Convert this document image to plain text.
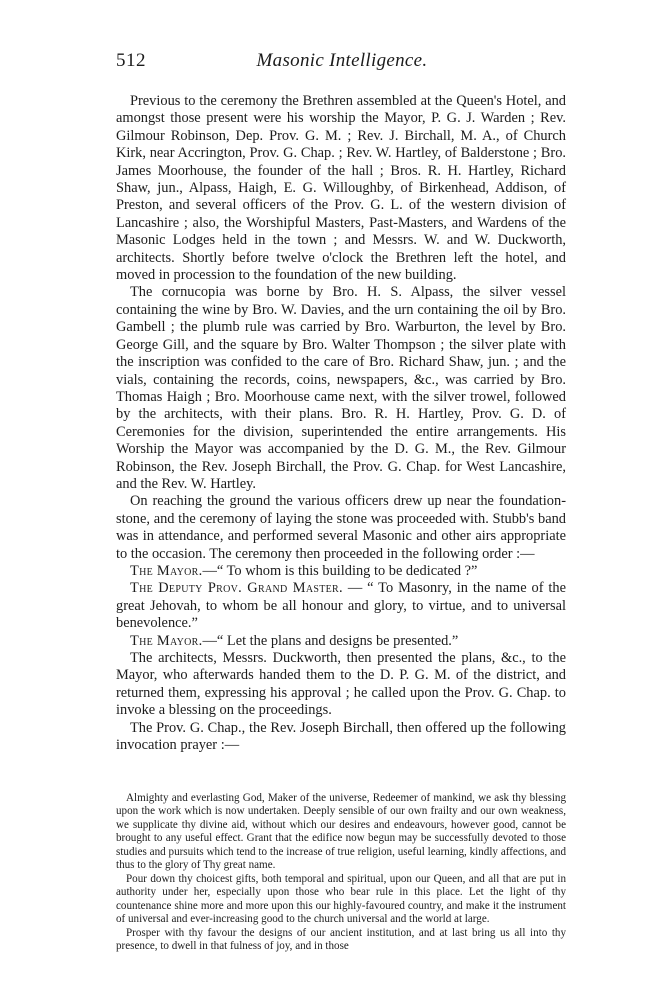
512	Masonic Intelligence.

Previous to the ceremony the Brethren assembled at the Queen's Hotel, and amongst those present were his worship the Mayor, P. G. J. Warden ; Rev. Gilmour Robinson, Dep. Prov. G. M. ; Rev. J. Birchall, M. A., of Church Kirk, near Accrington, Prov. G. Chap. ; Rev. W. Hartley, of Balderstone ; Bro. James Moorhouse, the founder of the hall ; Bros. R. H. Hartley, Richard Shaw, jun., Alpass, Haigh, E. G. Willoughby, of Birkenhead, Addison, of Preston, and several officers of the Prov. G. L. of the western division of Lancashire ; also, the Worshipful Masters, Past-Masters, and Wardens of the Masonic Lodges held in the town ; and Messrs. W. and W. Duckworth, architects. Shortly before twelve o'clock the Brethren left the hotel, and moved in procession to the foundation of the new building.

The cornucopia was borne by Bro. H. S. Alpass, the silver vessel containing the wine by Bro. W. Davies, and the urn containing the oil by Bro. Gambell ; the plumb rule was carried by Bro. Warburton, the level by Bro. George Gill, and the square by Bro. Walter Thompson ; the silver plate with the inscription was confided to the care of Bro. Richard Shaw, jun. ; and the vials, containing the records, coins, newspapers, &c., was carried by Bro. Thomas Haigh ; Bro. Moorhouse came next, with the silver trowel, followed by the architects, with their plans. Bro. R. H. Hartley, Prov. G. D. of Ceremonies for the division, superintended the entire arrangements. His Worship the Mayor was accompanied by the D. G. M., the Rev. Gilmour Robinson, the Rev. Joseph Birchall, the Prov. G. Chap. for West Lancashire, and the Rev. W. Hartley.

On reaching the ground the various officers drew up near the foundation-stone, and the ceremony of laying the stone was proceeded with. Stubb's band was in attendance, and performed several Masonic and other airs appropriate to the occasion. The ceremony then proceeded in the following order :—

The Mayor.—“ To whom is this building to be dedicated ?”

The Deputy Prov. Grand Master. — “ To Masonry, in the name of the great Jehovah, to whom be all honour and glory, to virtue, and to universal benevolence.”

The Mayor.—“ Let the plans and designs be presented.”

The architects, Messrs. Duckworth, then presented the plans, &c., to the Mayor, who afterwards handed them to the D. P. G. M. of the district, and returned them, expressing his approval ; he called upon the Prov. G. Chap. to invoke a blessing on the proceedings.

The Prov. G. Chap., the Rev. Joseph Birchall, then offered up the following invocation prayer :—

Almighty and everlasting God, Maker of the universe, Redeemer of mankind, we ask thy blessing upon the work which is now undertaken. Deeply sensible of our own frailty and our own weakness, we supplicate thy divine aid, without which our desires and endeavours, however good, cannot be brought to any useful effect. Grant that the edifice now begun may be successfully devoted to those studies and pursuits which tend to the increase of true religion, useful learning, kindly affections, and thus to the glory of Thy great name.

Pour down thy choicest gifts, both temporal and spiritual, upon our Queen, and all that are put in authority under her, especially upon those who bear rule in this place. Let the light of thy countenance shine more and more upon this our highly-favoured country, and make it the instrument of universal and ever-increasing good to the church universal and the world at large.

Prosper with thy favour the designs of our ancient institution, and at last bring us all into thy presence, to dwell in that fulness of joy, and in those
